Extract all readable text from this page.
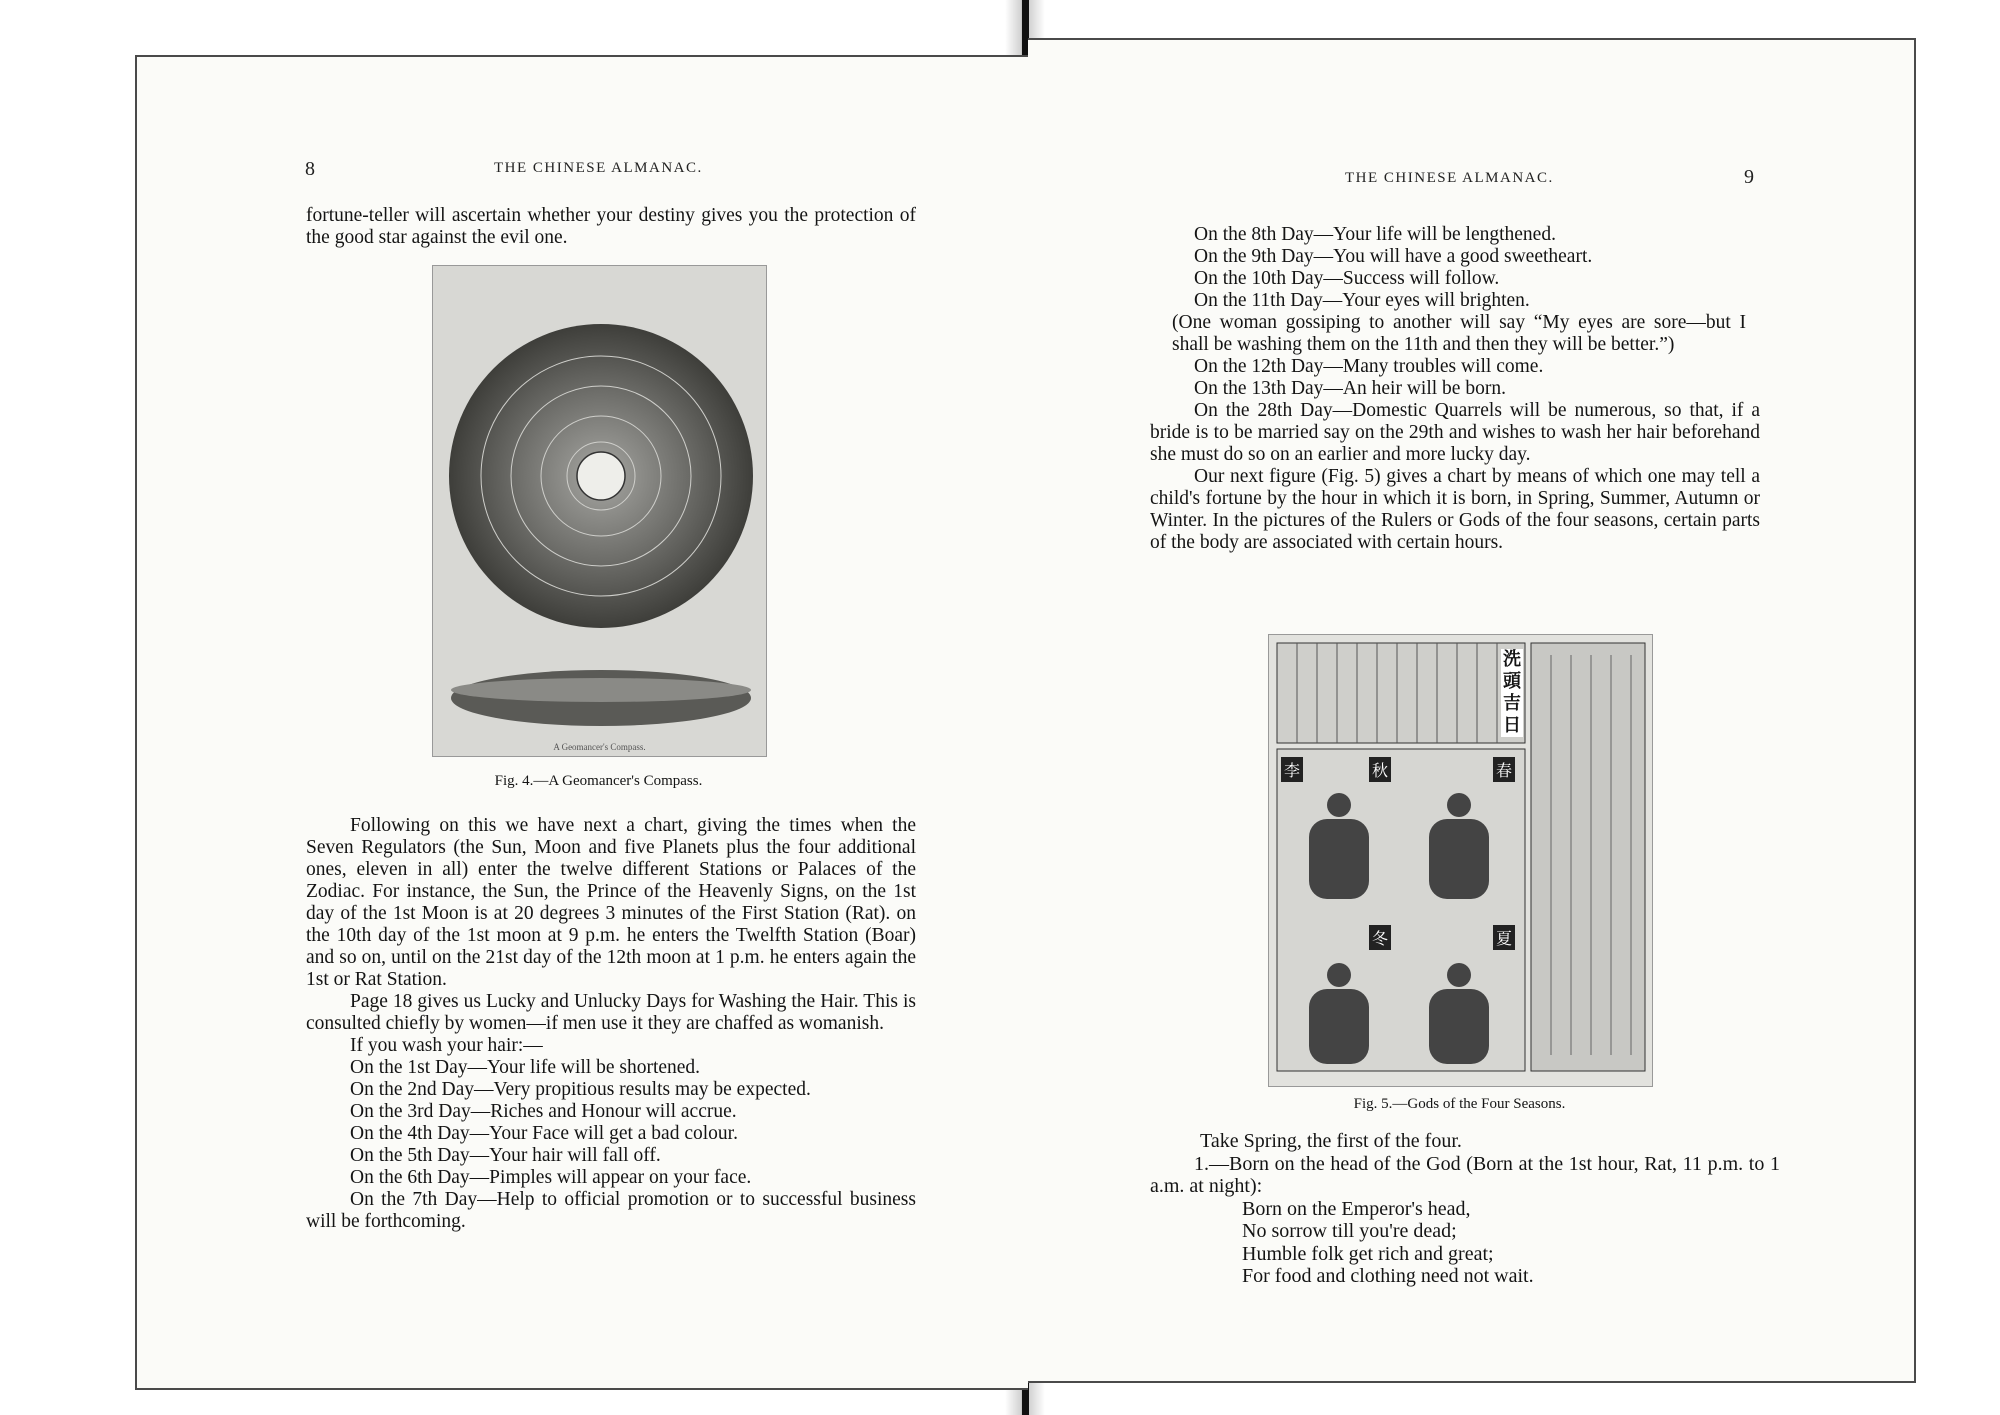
8	THE CHINESE ALMANAC.
fortune-teller will ascertain whether your destiny gives you the protection of the good star against the evil one.
A Geomancer's Compass.
Fig. 4.—A Geomancer's Compass.

Following on this we have next a chart, giving the times when the Seven Regulators (the Sun, Moon and five Planets plus the four additional ones, eleven in all) enter the twelve different Stations or Palaces of the Zodiac. For instance, the Sun, the Prince of the Heavenly Signs, on the 1st day of the 1st Moon is at 20 degrees 3 minutes of the First Station (Rat). on the 10th day of the 1st moon at 9 p.m. he enters the Twelfth Station (Boar) and so on, until on the 21st day of the 12th moon at 1 p.m. he enters again the 1st or Rat Station.

Page 18 gives us Lucky and Unlucky Days for Washing the Hair. This is consulted chiefly by women—if men use it they are chaffed as womanish.

If you wash your hair:—

On the 1st Day—Your life will be shortened.

On the 2nd Day—Very propitious results may be expected.

On the 3rd Day—Riches and Honour will accrue.

On the 4th Day—Your Face will get a bad colour.

On the 5th Day—Your hair will fall off.

On the 6th Day—Pimples will appear on your face.

On the 7th Day—Help to official promotion or to successful business will be forthcoming.

THE CHINESE ALMANAC.	9

On the 8th Day—Your life will be lengthened.

On the 9th Day—You will have a good sweetheart.

On the 10th Day—Success will follow.

On the 11th Day—Your eyes will brighten.

(One woman gossiping to another will say “My eyes are sore—but I shall be washing them on the 11th and then they will be better.”)

On the 12th Day—Many troubles will come.

On the 13th Day—An heir will be born.

On the 28th Day—Domestic Quarrels will be numerous, so that, if a bride is to be married say on the 29th and wishes to wash her hair beforehand she must do so on an earlier and more lucky day.

Our next figure (Fig. 5) gives a chart by means of which one may tell a child's fortune by the hour in which it is born, in Spring, Summer, Autumn or Winter. In the pictures of the Rulers or Gods of the four seasons, certain parts of the body are associated with certain hours.

洗頭吉日
李	秋	春
冬	夏
Fig. 5.—Gods of the Four Seasons.

Take Spring, the first of the four.

1.—Born on the head of the God (Born at the 1st hour, Rat, 11 p.m. to 1 a.m. at night):

Born on the Emperor's head,

No sorrow till you're dead;

Humble folk get rich and great;

For food and clothing need not wait.
